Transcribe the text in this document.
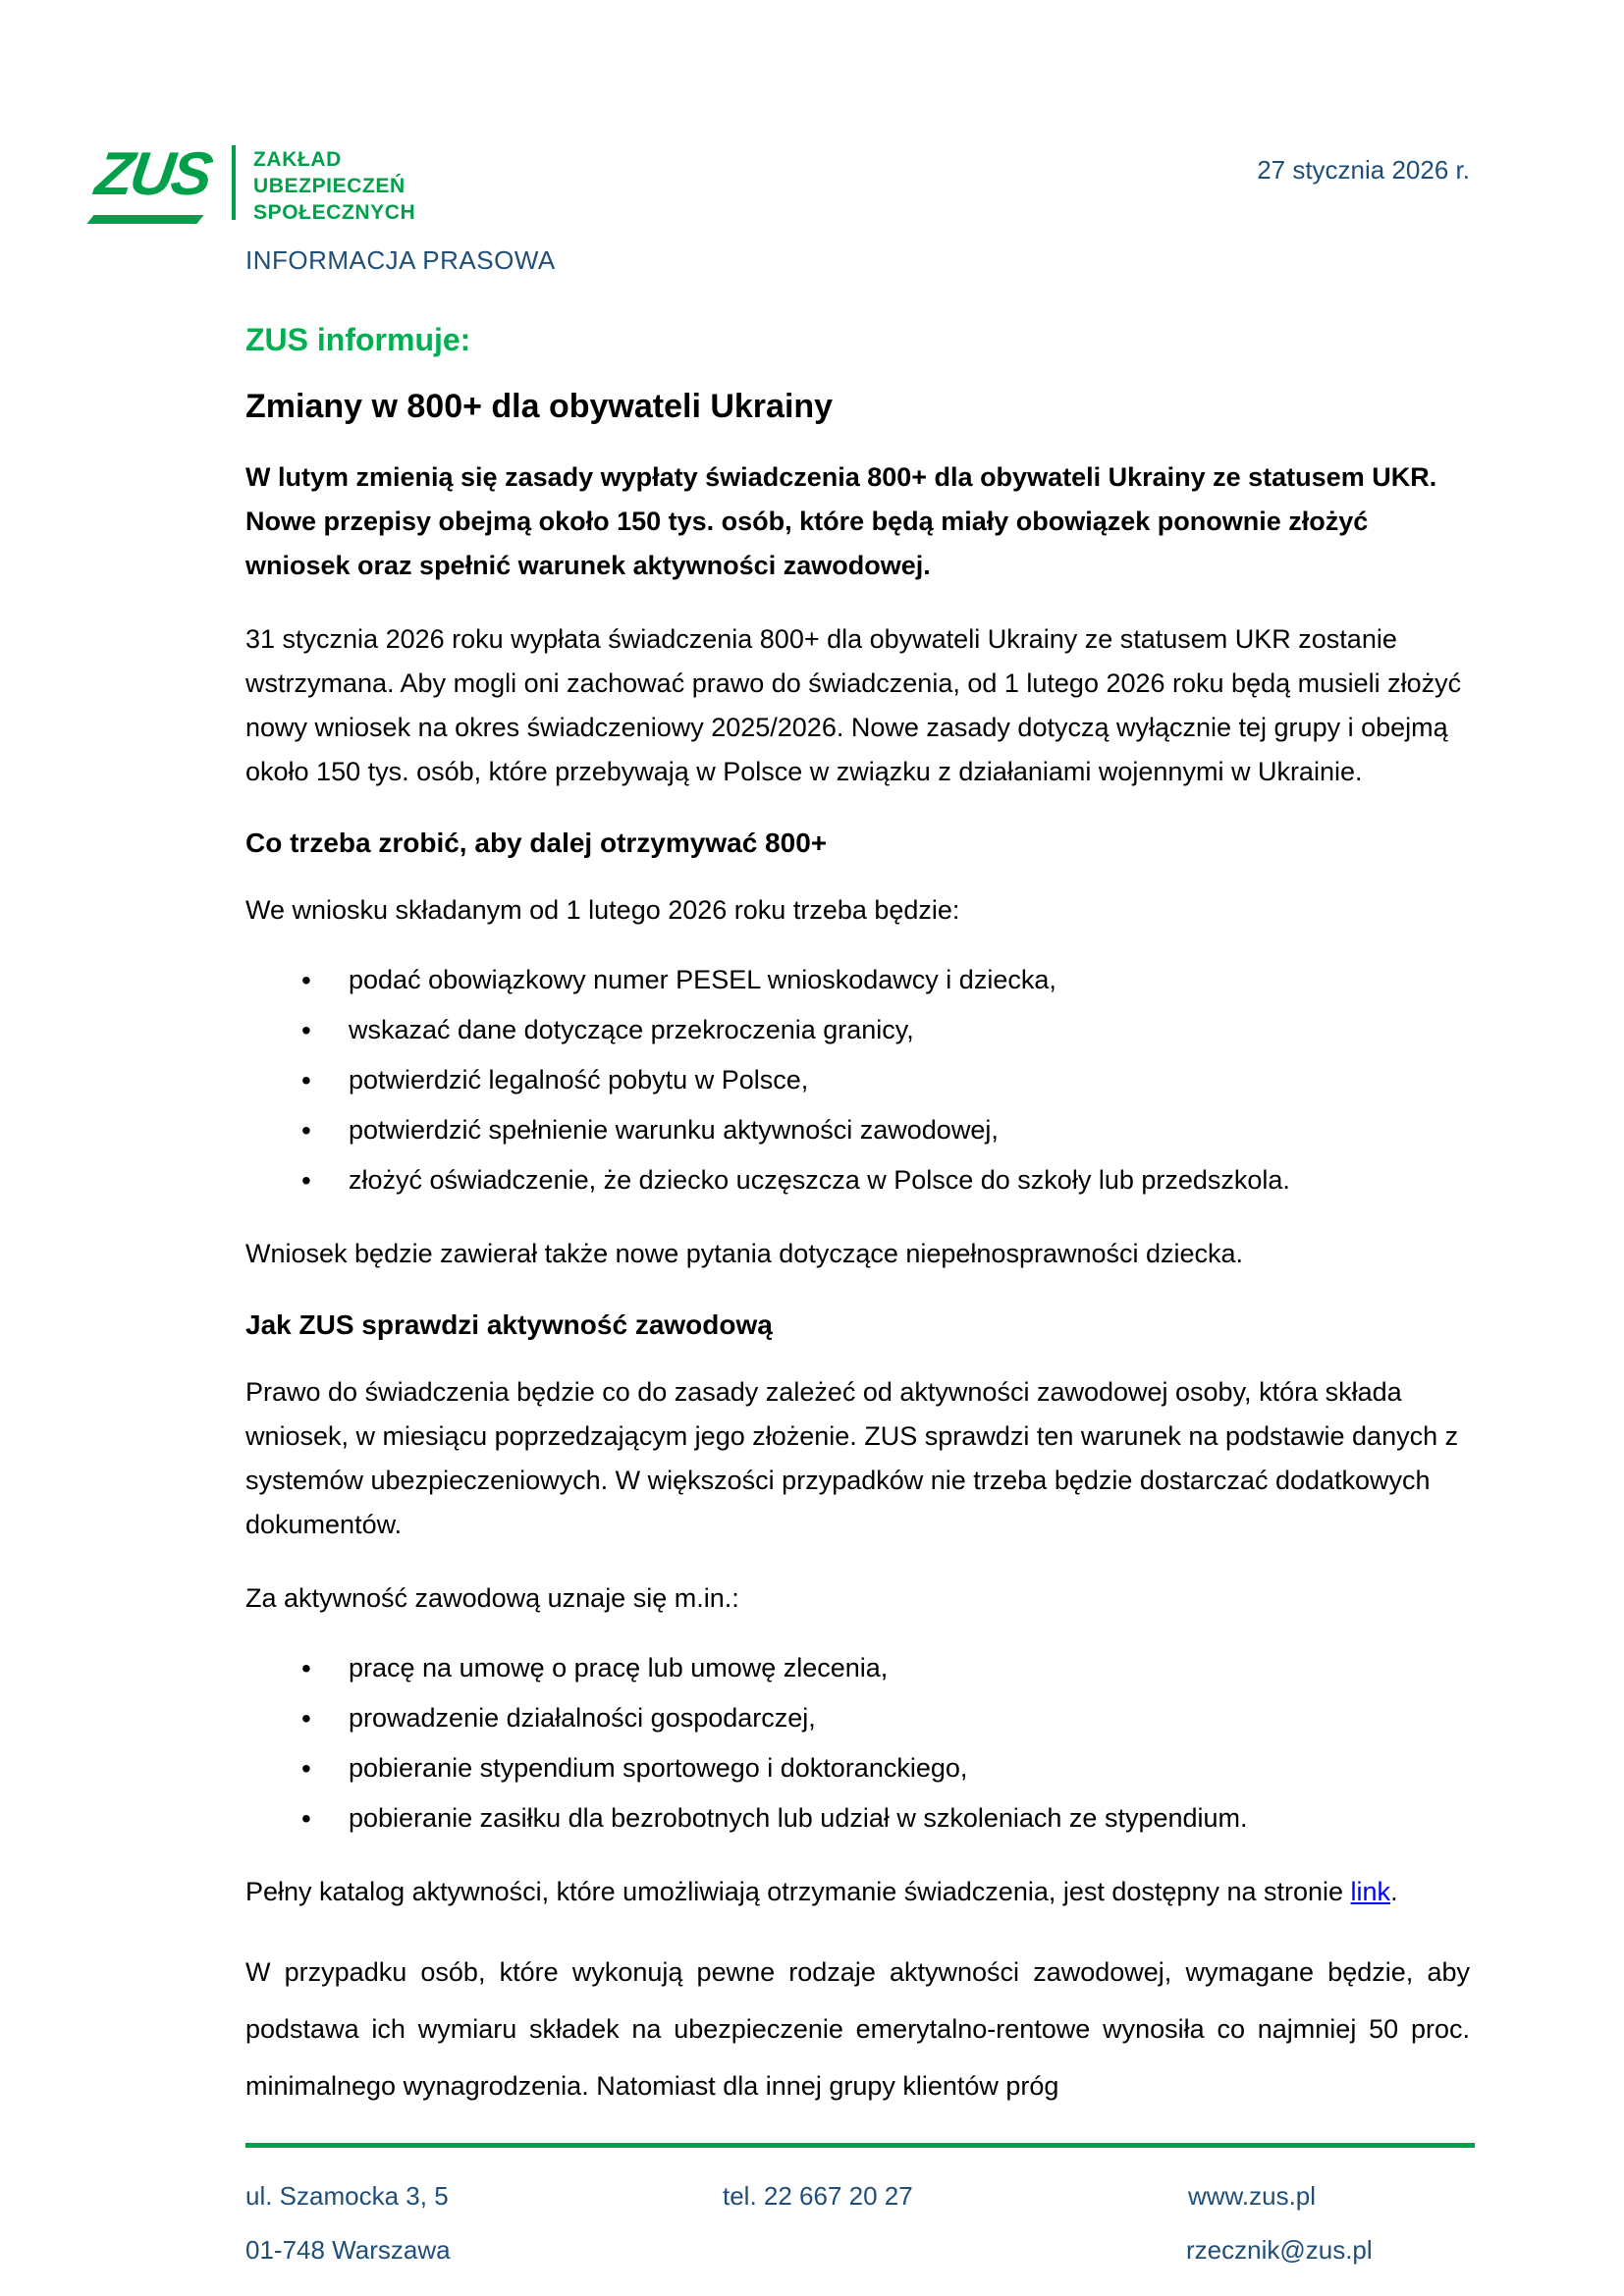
ZUS ZAKŁAD
UBEZPIECZEŃ
SPOŁECZNYCH
INFORMACJA PRASOWA
27 stycznia 2026 r.
ZUS informuje:
Zmiany w 800+ dla obywateli Ukrainy

W lutym zmienią się zasady wypłaty świadczenia 800+ dla obywateli Ukrainy ze statusem UKR. Nowe przepisy obejmą około 150 tys. osób, które będą miały obowiązek ponownie złożyć wniosek oraz spełnić warunek aktywności zawodowej.

31 stycznia 2026 roku wypłata świadczenia 800+ dla obywateli Ukrainy ze statusem UKR zostanie wstrzymana. Aby mogli oni zachować prawo do świadczenia, od 1 lutego 2026 roku będą musieli złożyć nowy wniosek na okres świadczeniowy 2025/2026. Nowe zasady dotyczą wyłącznie tej grupy i obejmą około 150 tys. osób, które przebywają w Polsce w związku z działaniami wojennymi w Ukrainie.

Co trzeba zrobić, aby dalej otrzymywać 800+

We wniosku składanym od 1 lutego 2026 roku trzeba będzie:

• podać obowiązkowy numer PESEL wnioskodawcy i dziecka,
• wskazać dane dotyczące przekroczenia granicy,
• potwierdzić legalność pobytu w Polsce,
• potwierdzić spełnienie warunku aktywności zawodowej,
• złożyć oświadczenie, że dziecko uczęszcza w Polsce do szkoły lub przedszkola.

Wniosek będzie zawierał także nowe pytania dotyczące niepełnosprawności dziecka.

Jak ZUS sprawdzi aktywność zawodową

Prawo do świadczenia będzie co do zasady zależeć od aktywności zawodowej osoby, która składa wniosek, w miesiącu poprzedzającym jego złożenie. ZUS sprawdzi ten warunek na podstawie danych z systemów ubezpieczeniowych. W większości przypadków nie trzeba będzie dostarczać dodatkowych dokumentów.

Za aktywność zawodową uznaje się m.in.:

• pracę na umowę o pracę lub umowę zlecenia,
• prowadzenie działalności gospodarczej,
• pobieranie stypendium sportowego i doktoranckiego,
• pobieranie zasiłku dla bezrobotnych lub udział w szkoleniach ze stypendium.

Pełny katalog aktywności, które umożliwiają otrzymanie świadczenia, jest dostępny na stronie link.

W przypadku osób, które wykonują pewne rodzaje aktywności zawodowej, wymagane będzie, aby podstawa ich wymiaru składek na ubezpieczenie emerytalno-rentowe wynosiła co najmniej 50 proc. minimalnego wynagrodzenia. Natomiast dla innej grupy klientów próg

ul. Szamocka 3, 5
01-748 Warszawa
tel. 22 667 20 27	www.zus.pl
rzecznik@zus.pl
